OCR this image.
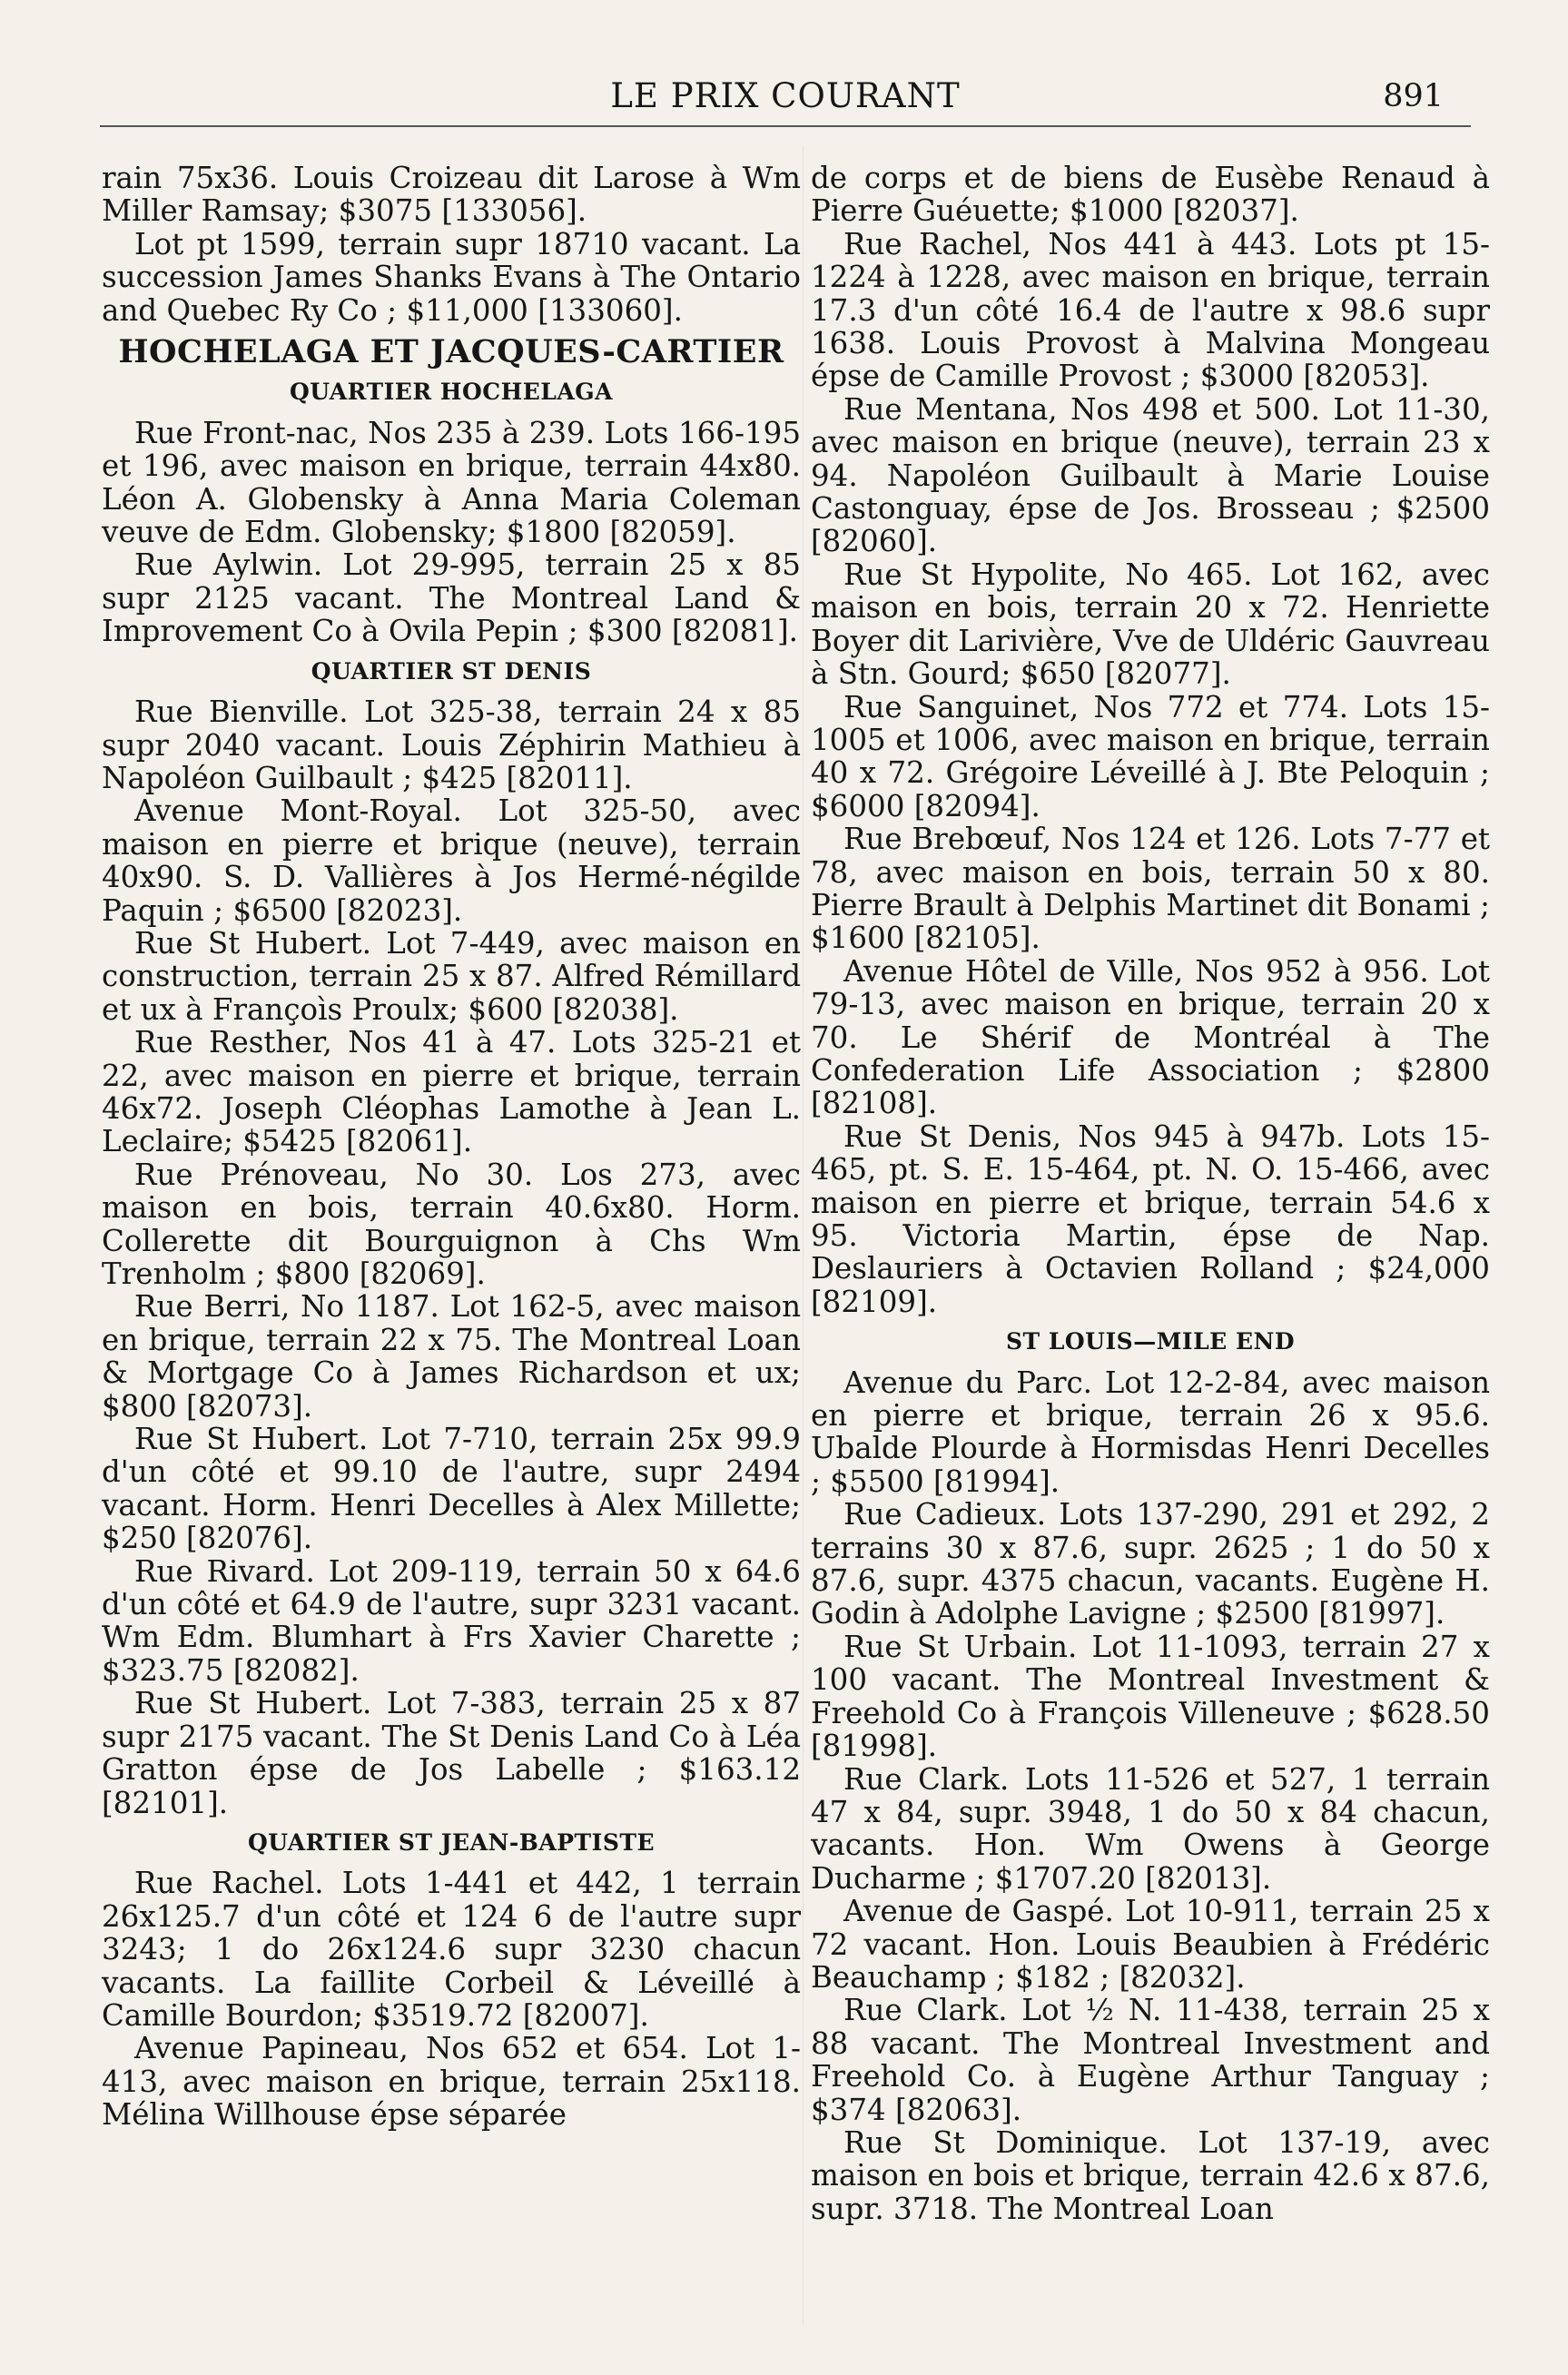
LE PRIX COURANT	891

rain 75x36. Louis Croizeau dit Larose à Wm Miller Ramsay; $3075 [133056].

Lot pt 1599, terrain supr 18710 vacant. La succession James Shanks Evans à The Ontario and Quebec Ry Co ; $11,000 [133060].

HOCHELAGA ET JACQUES-CARTIER
QUARTIER HOCHELAGA

Rue Front-nac, Nos 235 à 239. Lots 166-195 et 196, avec maison en brique, terrain 44x80. Léon A. Globensky à Anna Maria Coleman veuve de Edm. Globensky; $1800 [82059].

Rue Aylwin. Lot 29-995, terrain 25 x 85 supr 2125 vacant. The Montreal Land & Improvement Co à Ovila Pepin ; $300 [82081].

QUARTIER ST DENIS

Rue Bienville. Lot 325-38, terrain 24 x 85 supr 2040 vacant. Louis Zéphirin Mathieu à Napoléon Guilbault ; $425 [82011].

Avenue Mont-Royal. Lot 325-50, avec maison en pierre et brique (neuve), terrain 40x90. S. D. Vallières à Jos Hermé-négilde Paquin ; $6500 [82023].

Rue St Hubert. Lot 7-449, avec maison en construction, terrain 25 x 87. Alfred Rémillard et ux à Françoìs Proulx; $600 [82038].

Rue Resther, Nos 41 à 47. Lots 325-21 et 22, avec maison en pierre et brique, terrain 46x72. Joseph Cléophas Lamothe à Jean L. Leclaire; $5425 [82061].

Rue Prénoveau, No 30. Los 273, avec maison en bois, terrain 40.6x80. Horm. Collerette dit Bourguignon à Chs Wm Trenholm ; $800 [82069].

Rue Berri, No 1187. Lot 162-5, avec maison en brique, terrain 22 x 75. The Montreal Loan & Mortgage Co à James Richardson et ux; $800 [82073].

Rue St Hubert. Lot 7-710, terrain 25x 99.9 d'un côté et 99.10 de l'autre, supr 2494 vacant. Horm. Henri Decelles à Alex Millette; $250 [82076].

Rue Rivard. Lot 209-119, terrain 50 x 64.6 d'un côté et 64.9 de l'autre, supr 3231 vacant. Wm Edm. Blumhart à Frs Xavier Charette ; $323.75 [82082].

Rue St Hubert. Lot 7-383, terrain 25 x 87 supr 2175 vacant. The St Denis Land Co à Léa Gratton épse de Jos Labelle ; $163.12 [82101].

QUARTIER ST JEAN-BAPTISTE

Rue Rachel. Lots 1-441 et 442, 1 terrain 26x125.7 d'un côté et 124 6 de l'autre supr 3243; 1 do 26x124.6 supr 3230 chacun vacants. La faillite Corbeil & Léveillé à Camille Bourdon; $3519.72 [82007].

Avenue Papineau, Nos 652 et 654. Lot 1-413, avec maison en brique, terrain 25x118. Mélina Willhouse épse séparée

de corps et de biens de Eusèbe Renaud à Pierre Guéuette; $1000 [82037].

Rue Rachel, Nos 441 à 443. Lots pt 15-1224 à 1228, avec maison en brique, terrain 17.3 d'un côté 16.4 de l'autre x 98.6 supr 1638. Louis Provost à Malvina Mongeau épse de Camille Provost ; $3000 [82053].

Rue Mentana, Nos 498 et 500. Lot 11-30, avec maison en brique (neuve), terrain 23 x 94. Napoléon Guilbault à Marie Louise Castonguay, épse de Jos. Brosseau ; $2500 [82060].

Rue St Hypolite, No 465. Lot 162, avec maison en bois, terrain 20 x 72. Henriette Boyer dit Larivière, Vve de Uldéric Gauvreau à Stn. Gourd; $650 [82077].

Rue Sanguinet, Nos 772 et 774. Lots 15-1005 et 1006, avec maison en brique, terrain 40 x 72. Grégoire Léveillé à J. Bte Peloquin ; $6000 [82094].

Rue Brebœuf, Nos 124 et 126. Lots 7-77 et 78, avec maison en bois, terrain 50 x 80. Pierre Brault à Delphis Martinet dit Bonami ; $1600 [82105].

Avenue Hôtel de Ville, Nos 952 à 956. Lot 79-13, avec maison en brique, terrain 20 x 70. Le Shérif de Montréal à The Confederation Life Association ; $2800 [82108].

Rue St Denis, Nos 945 à 947b. Lots 15-465, pt. S. E. 15-464, pt. N. O. 15-466, avec maison en pierre et brique, terrain 54.6 x 95. Victoria Martin, épse de Nap. Deslauriers à Octavien Rolland ; $24,000 [82109].

ST LOUIS—MILE END

Avenue du Parc. Lot 12-2-84, avec maison en pierre et brique, terrain 26 x 95.6. Ubalde Plourde à Hormisdas Henri Decelles ; $5500 [81994].

Rue Cadieux. Lots 137-290, 291 et 292, 2 terrains 30 x 87.6, supr. 2625 ; 1 do 50 x 87.6, supr. 4375 chacun, vacants. Eugène H. Godin à Adolphe Lavigne ; $2500 [81997].

Rue St Urbain. Lot 11-1093, terrain 27 x 100 vacant. The Montreal Investment & Freehold Co à François Villeneuve ; $628.50 [81998].

Rue Clark. Lots 11-526 et 527, 1 terrain 47 x 84, supr. 3948, 1 do 50 x 84 chacun, vacants. Hon. Wm Owens à George Ducharme ; $1707.20 [82013].

Avenue de Gaspé. Lot 10-911, terrain 25 x 72 vacant. Hon. Louis Beaubien à Frédéric Beauchamp ; $182 ; [82032].

Rue Clark. Lot ½ N. 11-438, terrain 25 x 88 vacant. The Montreal Investment and Freehold Co. à Eugène Arthur Tanguay ; $374 [82063].

Rue St Dominique. Lot 137-19, avec maison en bois et brique, terrain 42.6 x 87.6, supr. 3718. The Montreal Loan
